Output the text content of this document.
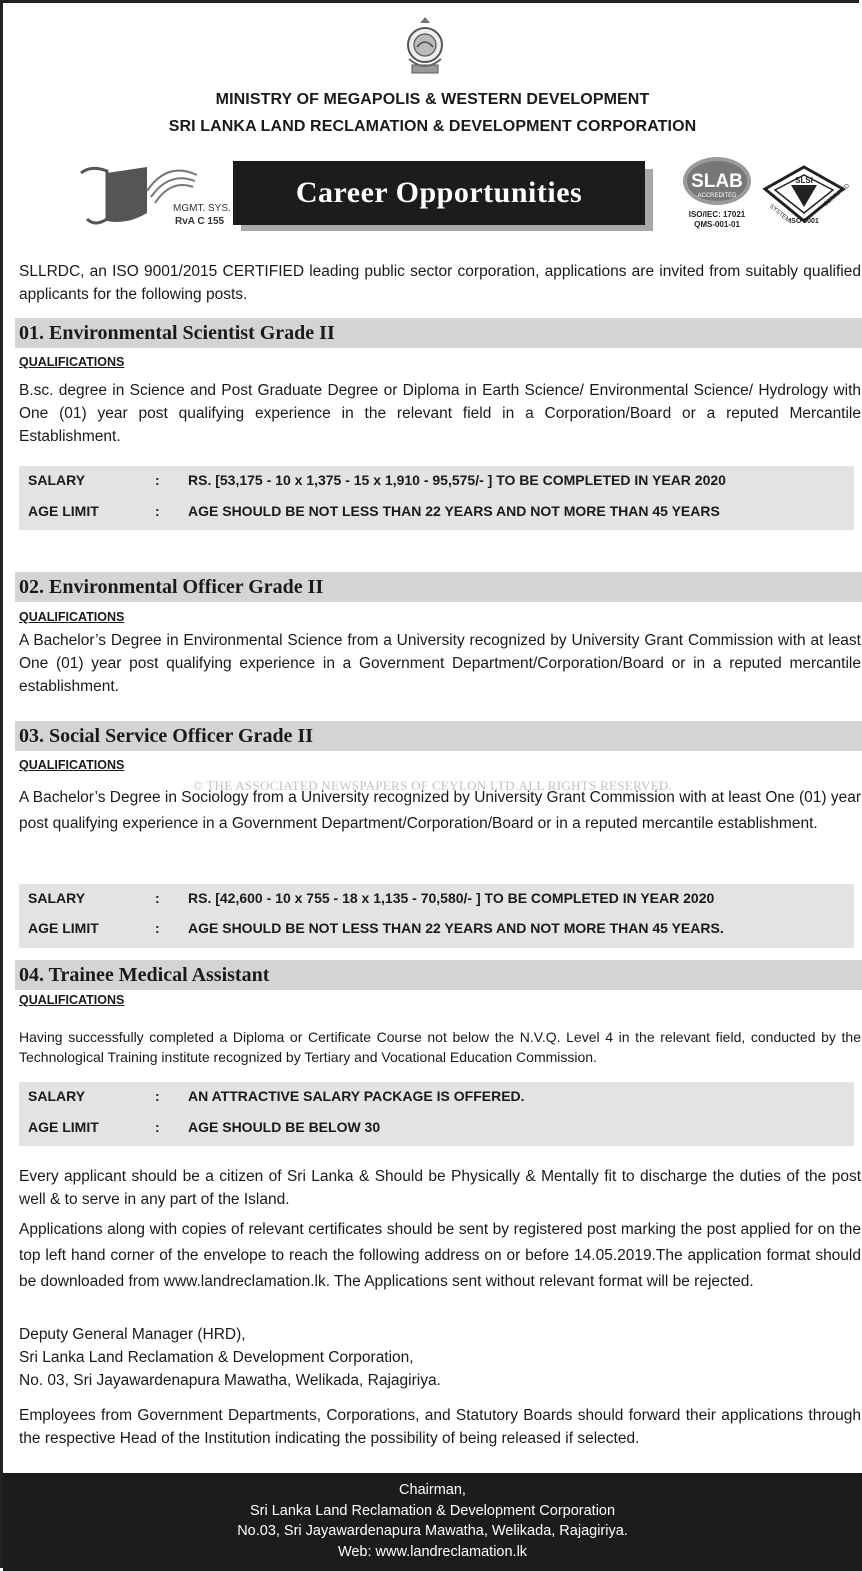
MINISTRY OF MEGAPOLIS & WESTERN DEVELOPMENT
SRI LANKA LAND RECLAMATION & DEVELOPMENT CORPORATION
MGMT. SYS.
RvA C 155
Career Opportunities	SLAB
ACCREDITED
ISO/IEC: 17021
QMS-001-01
SLSI
SYSTEM
ISO 9001
CERTIFIED
SLLRDC, an ISO 9001/2015 CERTIFIED leading public sector corporation, applications are invited from suitably qualified applicants for the following posts.
01. Environmental Scientist Grade II
QUALIFICATIONS
B.sc. degree in Science and Post Graduate Degree or Diploma in Earth Science/ Environmental Science/ Hydrology with One (01) year post qualifying experience in the relevant field in a Corporation/Board or a reputed Mercantile Establishment.
SALARY	: RS. [53,175 - 10 x 1,375 - 15 x 1,910 - 95,575/- ] TO BE COMPLETED IN YEAR 2020
AGE LIMIT	: AGE SHOULD BE NOT LESS THAN 22 YEARS AND NOT MORE THAN 45 YEARS
02. Environmental Officer Grade II
QUALIFICATIONS
A Bachelor’s Degree in Environmental Science from a University recognized by University Grant Commission with at least One (01) year post qualifying experience in a Government Department/Corporation/Board or in a reputed mercantile establishment.
03. Social Service Officer Grade II
QUALIFICATIONS
© THE ASSOCIATED NEWSPAPERS OF CEYLON LTD.ALL RIGHTS RESERVED.
A Bachelor’s Degree in Sociology from a University recognized by University Grant Commission with at least One (01) year post qualifying experience in a Government Department/Corporation/Board or in a reputed mercantile establishment.
SALARY	: RS. [42,600 - 10 x 755 - 18 x 1,135 - 70,580/- ] TO BE COMPLETED IN YEAR 2020
AGE LIMIT	: AGE SHOULD BE NOT LESS THAN 22 YEARS AND NOT MORE THAN 45 YEARS.
04. Trainee Medical Assistant
QUALIFICATIONS
Having successfully completed a Diploma or Certificate Course not below the N.V.Q. Level 4 in the relevant field, conducted by the Technological Training institute recognized by Tertiary and Vocational Education Commission.
SALARY	: AN ATTRACTIVE SALARY PACKAGE IS OFFERED.
AGE LIMIT	: AGE SHOULD BE BELOW 30
Every applicant should be a citizen of Sri Lanka & Should be Physically & Mentally fit to discharge the duties of the post well & to serve in any part of the Island.
Applications along with copies of relevant certificates should be sent by registered post marking the post applied for on the top left hand corner of the envelope to reach the following address on or before 14.05.2019.The application format should be downloaded from www.landreclamation.lk. The Applications sent without relevant format will be rejected.
Deputy General Manager (HRD),
Sri Lanka Land Reclamation & Development Corporation,
No. 03, Sri Jayawardenapura Mawatha, Welikada, Rajagiriya.
Employees from Government Departments, Corporations, and Statutory Boards should forward their applications through the respective Head of the Institution indicating the possibility of being released if selected.
Chairman,
Sri Lanka Land Reclamation & Development Corporation
No.03, Sri Jayawardenapura Mawatha, Welikada, Rajagiriya.
Web: www.landreclamation.lk
